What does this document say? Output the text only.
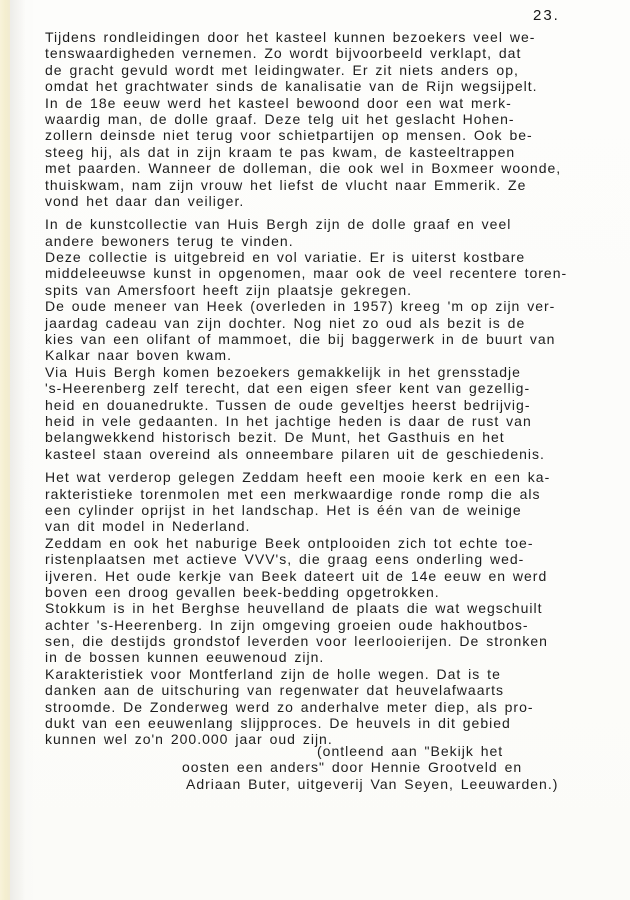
23.
Tijdens rondleidingen door het kasteel kunnen bezoekers veel we-
tenswaardigheden vernemen. Zo wordt bijvoorbeeld verklapt, dat
de gracht gevuld wordt met leidingwater. Er zit niets anders op,
omdat het grachtwater sinds de kanalisatie van de Rijn wegsijpelt.
In de 18e eeuw werd het kasteel bewoond door een wat merk-
waardig man, de dolle graaf. Deze telg uit het geslacht Hohen-
zollern deinsde niet terug voor schietpartijen op mensen. Ook be-
steeg hij, als dat in zijn kraam te pas kwam, de kasteeltrappen
met paarden. Wanneer de dolleman, die ook wel in Boxmeer woonde,
thuiskwam, nam zijn vrouw het liefst de vlucht naar Emmerik. Ze
vond het daar dan veiliger.
In de kunstcollectie van Huis Bergh zijn de dolle graaf en veel
andere bewoners terug te vinden.
Deze collectie is uitgebreid en vol variatie. Er is uiterst kostbare
middeleeuwse kunst in opgenomen, maar ook de veel recentere toren-
spits van Amersfoort heeft zijn plaatsje gekregen.
De oude meneer van Heek (overleden in 1957) kreeg 'm op zijn ver-
jaardag cadeau van zijn dochter. Nog niet zo oud als bezit is de
kies van een olifant of mammoet, die bij baggerwerk in de buurt van
Kalkar naar boven kwam.
Via Huis Bergh komen bezoekers gemakkelijk in het grensstadje
's-Heerenberg zelf terecht, dat een eigen sfeer kent van gezellig-
heid en douanedrukte. Tussen de oude geveltjes heerst bedrijvig-
heid in vele gedaanten. In het jachtige heden is daar de rust van
belangwekkend historisch bezit. De Munt, het Gasthuis en het
kasteel staan overeind als onneembare pilaren uit de geschiedenis.
Het wat verderop gelegen Zeddam heeft een mooie kerk en een ka-
rakteristieke torenmolen met een merkwaardige ronde romp die als
een cylinder oprijst in het landschap. Het is één van de weinige
van dit model in Nederland.
Zeddam en ook het naburige Beek ontplooiden zich tot echte toe-
ristenplaatsen met actieve VVV's, die graag eens onderling wed-
ijveren. Het oude kerkje van Beek dateert uit de 14e eeuw en werd
boven een droog gevallen beek-bedding opgetrokken.
Stokkum is in het Berghse heuvelland de plaats die wat wegschuilt
achter 's-Heerenberg. In zijn omgeving groeien oude hakhoutbos-
sen, die destijds grondstof leverden voor leerlooierijen. De stronken
in de bossen kunnen eeuwenoud zijn.
Karakteristiek voor Montferland zijn de holle wegen. Dat is te
danken aan de uitschuring van regenwater dat heuvelafwaarts
stroomde. De Zonderweg werd zo anderhalve meter diep, als pro-
dukt van een eeuwenlang slijpproces. De heuvels in dit gebied
kunnen wel zo'n 200.000 jaar oud zijn.
(ontleend aan "Bekijk het
oosten een anders" door Hennie Grootveld en
Adriaan Buter, uitgeverij Van Seyen, Leeuwarden.)
